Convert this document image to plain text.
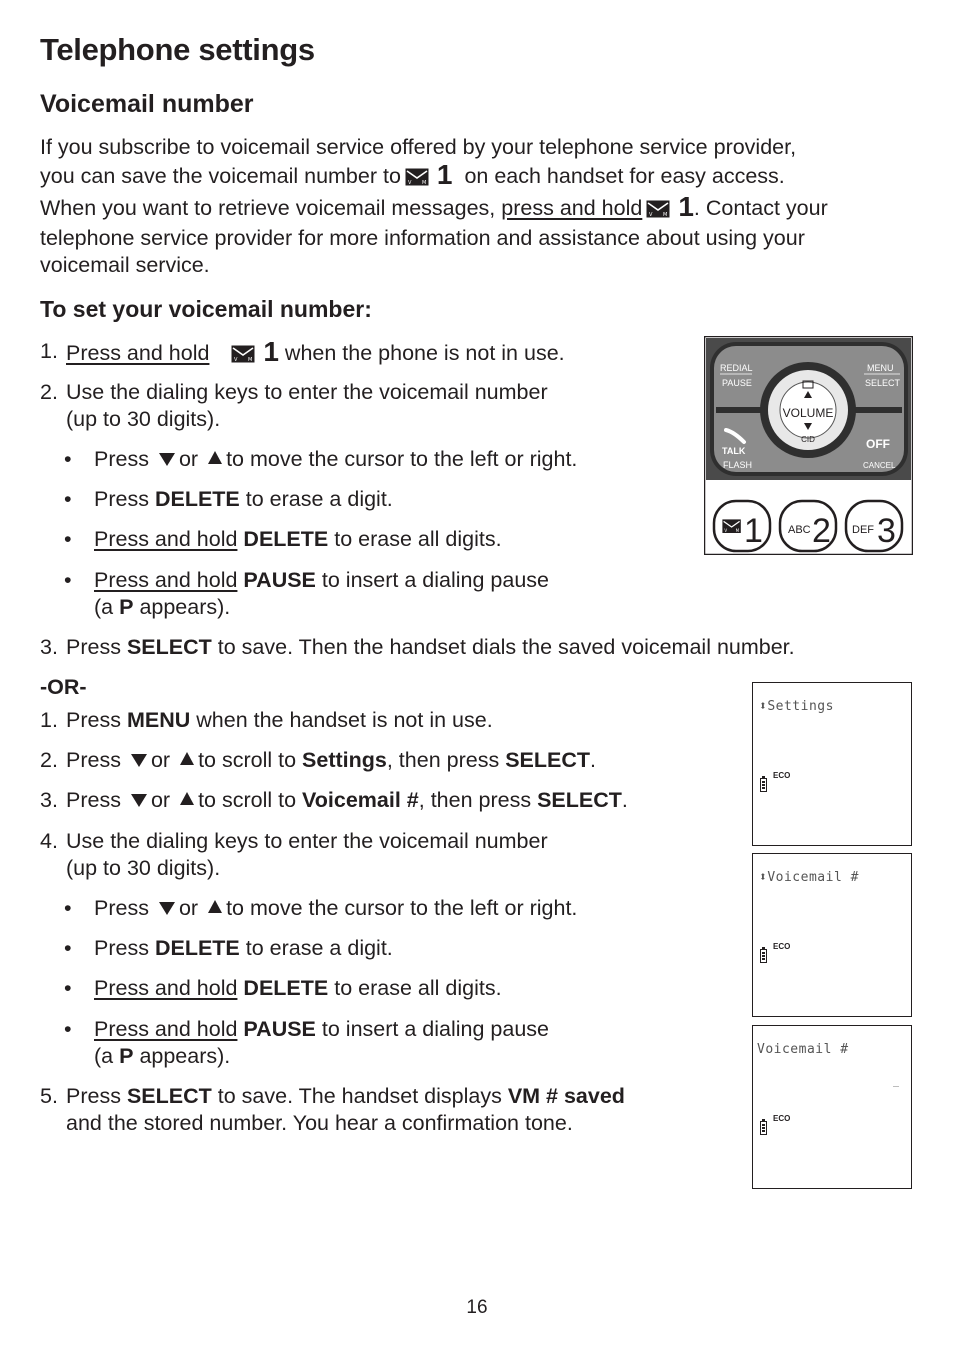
Telephone settings
Voicemail number
If you subscribe to voicemail service offered by your telephone service provider,
you can save the voicemail number to 1 on each handset for easy access.
When you want to retrieve voicemail messages, press and hold 1. Contact your
telephone service provider for more information and assistance about using your
voicemail service.
To set your voicemail number:
1. Press and hold 1 when the phone is not in use.
2. Use the dialing keys to enter the voicemail number
(up to 30 digits).
• Press or to move the cursor to the left or right.
• Press DELETE to erase a digit.
• Press and hold DELETE to erase all digits.
• Press and hold PAUSE to insert a dialing pause
(a P appears).
3. Press SELECT to save. Then the handset dials the saved voicemail number.
-OR-
1. Press MENU when the handset is not in use.
2. Press or to scroll to Settings, then press SELECT.
3. Press or to scroll to Voicemail #, then press SELECT.
4. Use the dialing keys to enter the voicemail number
(up to 30 digits).
• Press or to move the cursor to the left or right.
• Press DELETE to erase a digit.
• Press and hold DELETE to erase all digits.
• Press and hold PAUSE to insert a dialing pause
(a P appears).
5. Press SELECT to save. The handset displays VM # saved
and the stored number. You hear a confirmation tone.
VOLUME
CID
REDIAL
PAUSE
MENU
SELECT
TALK
FLASH
OFF
CANCEL
1 ABC 2 DEF 3
⬍Settings
ECO
⬍Voicemail #
ECO
Voicemail #
_
ECO
16
